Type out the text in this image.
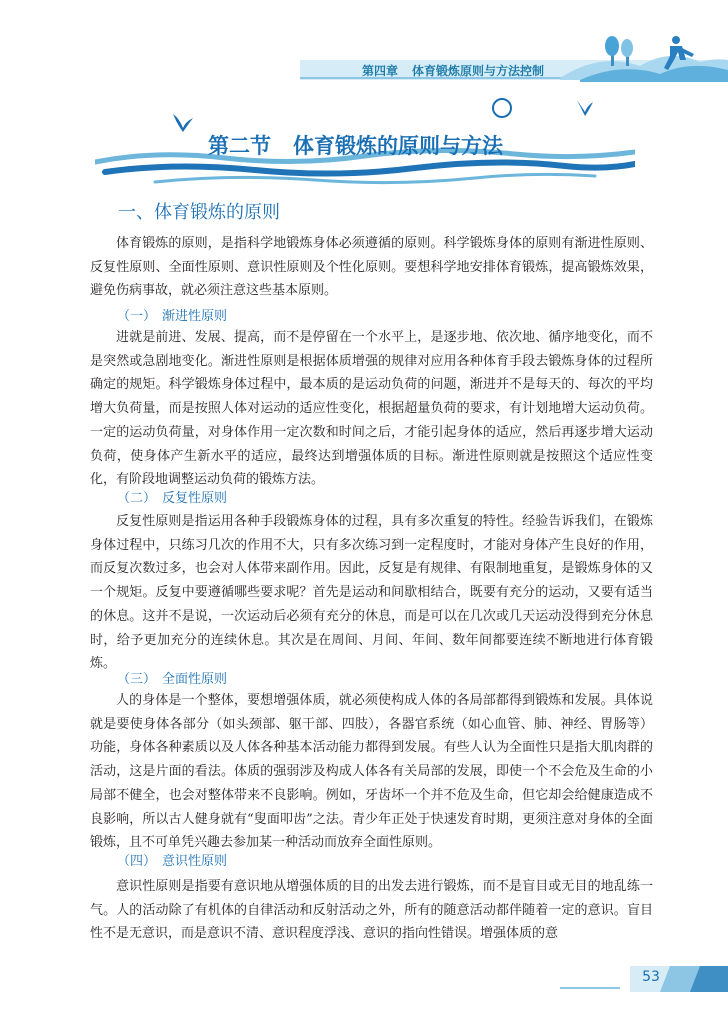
第四章 体育锻炼原则与方法控制
第二节 体育锻炼的原则与方法
一、体育锻炼的原则

体育锻炼的原则，是指科学地锻炼身体必须遵循的原则。科学锻炼身体的原则有渐进性原则、反复性原则、全面性原则、意识性原则及个性化原则。要想科学地安排体育锻炼，提高锻炼效果，避免伤病事故，就必须注意这些基本原则。

（一） 渐进性原则

进就是前进、发展、提高，而不是停留在一个水平上，是逐步地、依次地、循序地变化，而不是突然或急剧地变化。渐进性原则是根据体质增强的规律对应用各种体育手段去锻炼身体的过程所确定的规矩。科学锻炼身体过程中，最本质的是运动负荷的问题，渐进并不是每天的、每次的平均增大负荷量，而是按照人体对运动的适应性变化，根据超量负荷的要求，有计划地增大运动负荷。一定的运动负荷量，对身体作用一定次数和时间之后，才能引起身体的适应，然后再逐步增大运动负荷，使身体产生新水平的适应，最终达到增强体质的目标。渐进性原则就是按照这个适应性变化，有阶段地调整运动负荷的锻炼方法。

（二） 反复性原则

反复性原则是指运用各种手段锻炼身体的过程，具有多次重复的特性。经验告诉我们，在锻炼身体过程中，只练习几次的作用不大，只有多次练习到一定程度时，才能对身体产生良好的作用，而反复次数过多，也会对人体带来副作用。因此，反复是有规律、有限制地重复，是锻炼身体的又一个规矩。反复中要遵循哪些要求呢？首先是运动和间歇相结合，既要有充分的运动，又要有适当的休息。这并不是说，一次运动后必须有充分的休息，而是可以在几次或几天运动没得到充分休息时，给予更加充分的连续休息。其次是在周间、月间、年间、数年间都要连续不断地进行体育锻炼。

（三） 全面性原则

人的身体是一个整体，要想增强体质，就必须使构成人体的各局部都得到锻炼和发展。具体说就是要使身体各部分（如头颈部、躯干部、四肢），各器官系统（如心血管、肺、神经、胃肠等）功能，身体各种素质以及人体各种基本活动能力都得到发展。有些人认为全面性只是指大肌肉群的活动，这是片面的看法。体质的强弱涉及构成人体各有关局部的发展，即使一个不会危及生命的小局部不健全，也会对整体带来不良影响。例如，牙齿坏一个并不危及生命，但它却会给健康造成不良影响，所以古人健身就有“叟面叩齿”之法。青少年正处于快速发育时期，更须注意对身体的全面锻炼，且不可单凭兴趣去参加某一种活动而放弃全面性原则。

（四） 意识性原则

意识性原则是指要有意识地从增强体质的目的出发去进行锻炼，而不是盲目或无目的地乱练一气。人的活动除了有机体的自律活动和反射活动之外，所有的随意活动都伴随着一定的意识。盲目性不是无意识，而是意识不清、意识程度浮浅、意识的指向性错误。增强体质的意

53
